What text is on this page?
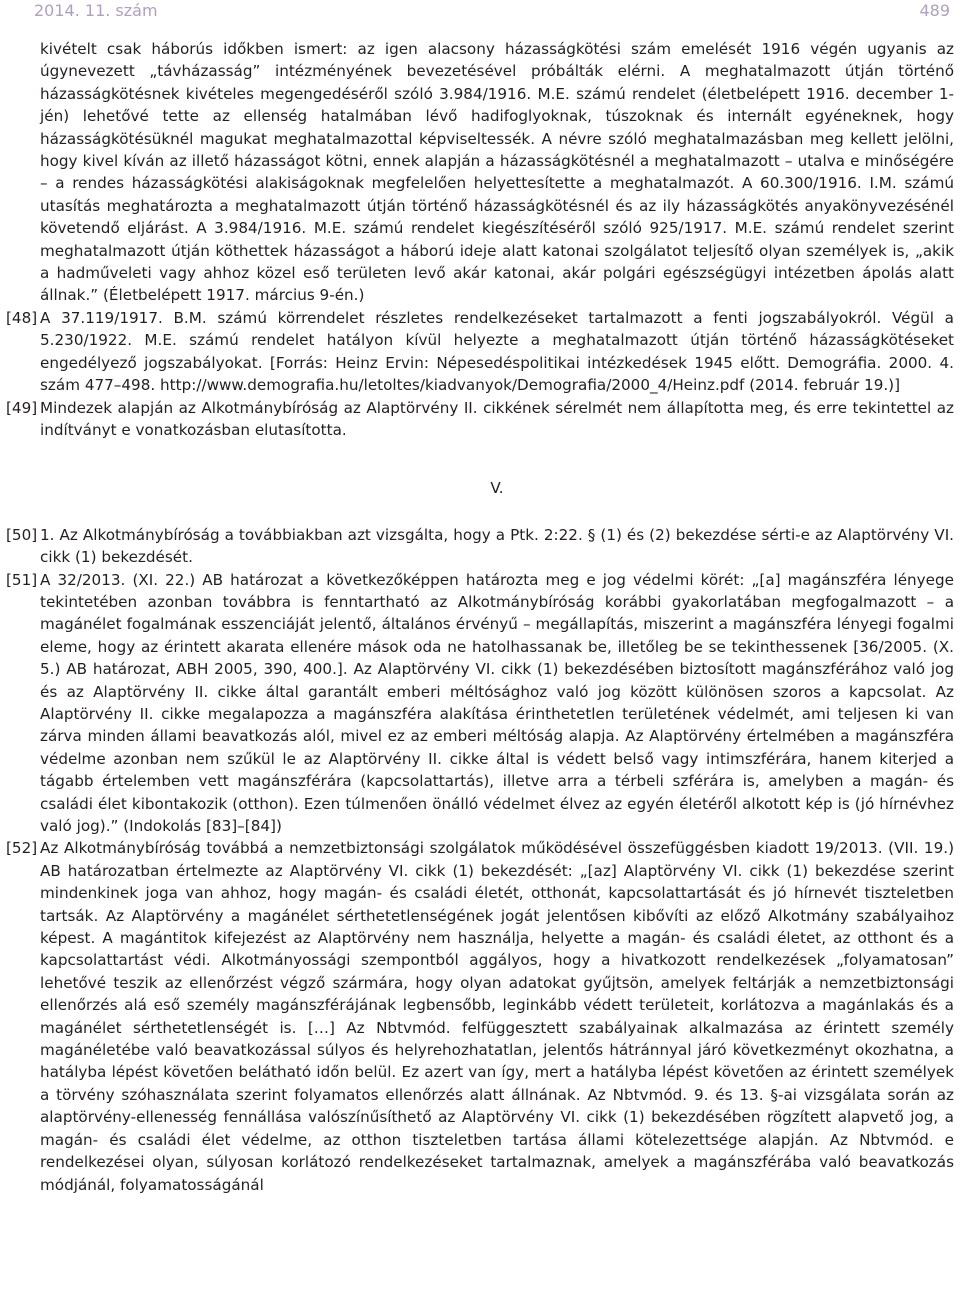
2014. 11. szám	489

kivételt csak háborús időkben ismert: az igen alacsony házasságkötési szám emelését 1916 végén ugyanis az úgynevezett „távházasság” intézményének bevezetésével próbálták elérni. A meghatalmazott útján történő házasságkötésnek kivételes megengedéséről szóló 3.984/1916. M.E. számú rendelet (életbelépett 1916. december 1-jén) lehetővé tette az ellenség hatalmában lévő hadifoglyoknak, túszoknak és internált egyéneknek, hogy házasságkötésüknél magukat meghatalmazottal képviseltessék. A névre szóló meghatalmazásban meg kellett jelölni, hogy kivel kíván az illető házasságot kötni, ennek alapján a házasságkötésnél a meghatalmazott – utalva e minőségére – a rendes házasságkötési alakiságoknak megfelelően helyettesítette a meghatalmazót. A 60.300/1916. I.M. számú utasítás meghatározta a meghatalmazott útján történő házasságkötésnél és az ily házasságkötés anyakönyvezésénél követendő eljárást. A 3.984/1916. M.E. számú rendelet kiegészítéséről szóló 925/1917. M.E. számú rendelet szerint meghatalmazott útján köthettek házasságot a háború ideje alatt katonai szolgálatot teljesítő olyan személyek is, „akik a hadműveleti vagy ahhoz közel eső területen levő akár katonai, akár polgári egészségügyi intézetben ápolás alatt állnak.” (Életbelépett 1917. március 9-én.)

[48] A 37.119/1917. B.M. számú körrendelet részletes rendelkezéseket tartalmazott a fenti jogszabályokról. Végül a 5.230/1922. M.E. számú rendelet hatályon kívül helyezte a meghatalmazott útján történő házasságkötéseket engedélyező jogszabályokat. [Forrás: Heinz Ervin: Népesedéspolitikai intézkedések 1945 előtt. Demográfia. 2000. 4. szám 477–498. http://www.demografia.hu/letoltes/kiadvanyok/Demografia/2000_4/Heinz.pdf (2014. február 19.)]

[49] Mindezek alapján az Alkotmánybíróság az Alaptörvény II. cikkének sérelmét nem állapította meg, és erre tekintettel az indítványt e vonatkozásban elutasította.

V.
[50] 1. Az Alkotmánybíróság a továbbiakban azt vizsgálta, hogy a Ptk. 2:22. § (1) és (2) bekezdése sérti-e az Alaptörvény VI. cikk (1) bekezdését.

[51] A 32/2013. (XI. 22.) AB határozat a következőképpen határozta meg e jog védelmi körét: „[a] magánszféra lényege tekintetében azonban továbbra is fenntartható az Alkotmánybíróság korábbi gyakorlatában megfogalmazott – a magánélet fogalmának esszenciáját jelentő, általános érvényű – megállapítás, miszerint a magánszféra lényegi fogalmi eleme, hogy az érintett akarata ellenére mások oda ne hatolhassanak be, illetőleg be se tekinthessenek [36/2005. (X. 5.) AB határozat, ABH 2005, 390, 400.]. Az Alaptörvény VI. cikk (1) bekezdésében biztosított magánszférához való jog és az Alaptörvény II. cikke által garantált emberi méltósághoz való jog között különösen szoros a kapcsolat. Az Alaptörvény II. cikke megalapozza a magánszféra alakítása érinthetetlen területének védelmét, ami teljesen ki van zárva minden állami beavatkozás alól, mivel ez az emberi méltóság alapja. Az Alaptörvény értelmében a magánszféra védelme azonban nem szűkül le az Alaptörvény II. cikke által is védett belső vagy intimszférára, hanem kiterjed a tágabb értelemben vett magánszférára (kapcsolattartás), illetve arra a térbeli szférára is, amelyben a magán- és családi élet kibontakozik (otthon). Ezen túlmenően önálló védelmet élvez az egyén életéről alkotott kép is (jó hírnévhez való jog).” (Indokolás [83]–[84])

[52] Az Alkotmánybíróság továbbá a nemzetbiztonsági szolgálatok működésével összefüggésben kiadott 19/2013. (VII. 19.) AB határozatban értelmezte az Alaptörvény VI. cikk (1) bekezdését: „[az] Alaptörvény VI. cikk (1) bekezdése szerint mindenkinek joga van ahhoz, hogy magán- és családi életét, otthonát, kapcsolattartását és jó hírnevét tiszteletben tartsák. Az Alaptörvény a magánélet sérthetetlenségének jogát jelentősen kibővíti az előző Alkotmány szabályaihoz képest. A magántitok kifejezést az Alaptörvény nem használja, helyette a magán- és családi életet, az otthont és a kapcsolattartást védi. Alkotmányossági szempontból aggályos, hogy a hivatkozott rendelkezések „folyamatosan” lehetővé teszik az ellenőrzést végző szármára, hogy olyan adatokat gyűjtsön, amelyek feltárják a nemzetbiztonsági ellenőrzés alá eső személy magánszférájának legbensőbb, leginkább védett területeit, korlátozva a magánlakás és a magánélet sérthetetlenségét is. […] Az Nbtvmód. felfüggesztett szabályainak alkalmazása az érintett személy magánéletébe való beavatkozással súlyos és helyrehozhatatlan, jelentős hátránnyal járó következményt okozhatna, a hatályba lépést követően belátható időn belül. Ez azert van így, mert a hatályba lépést követően az érintett személyek a törvény szóhasználata szerint folyamatos ellenőrzés alatt állnának. Az Nbtvmód. 9. és 13. §-ai vizsgálata során az alaptörvény-ellenesség fennállása valószínűsíthető az Alaptörvény VI. cikk (1) bekezdésében rögzített alapvető jog, a magán- és családi élet védelme, az otthon tiszteletben tartása állami kötelezettsége alapján. Az Nbtvmód. e rendelkezései olyan, súlyosan korlátozó rendelkezéseket tartalmaznak, amelyek a magánszférába való beavatkozás módjánál, folyamatosságánál
